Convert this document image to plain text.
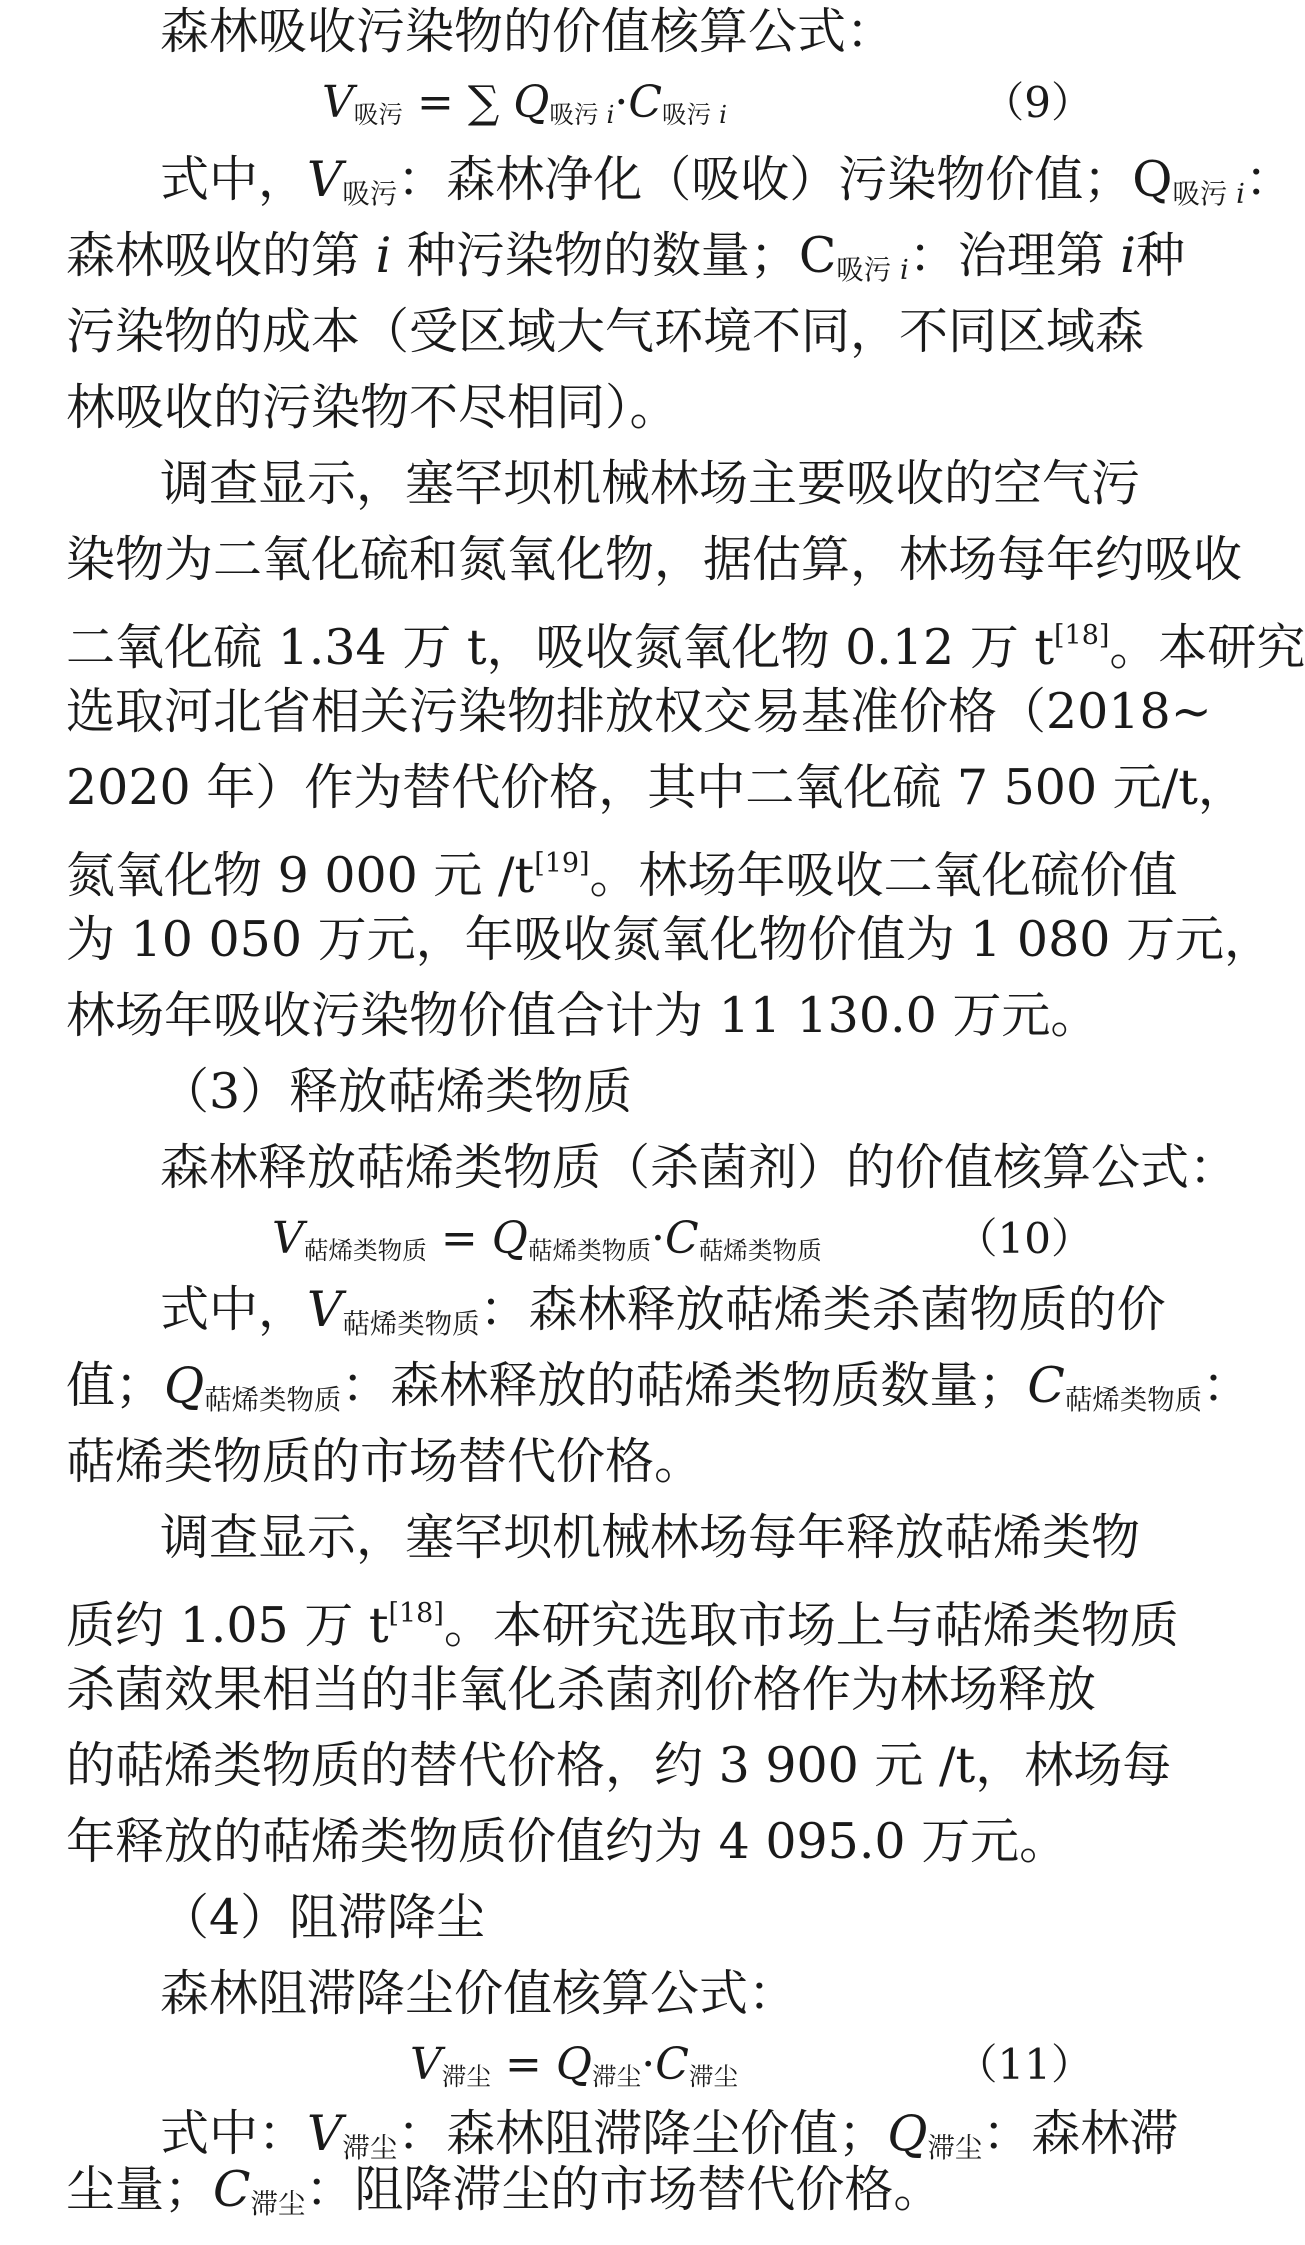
森林吸收污染物的价值核算公式：
V吸污 = ∑ Q吸污 i·C吸污 i	（9）
式中，V吸污：森林净化（吸收）污染物价值；Q吸污 i：
森林吸收的第 i 种污染物的数量；C吸污 i：治理第 i种
污染物的成本（受区域大气环境不同，不同区域森
林吸收的污染物不尽相同）。
调查显示，塞罕坝机械林场主要吸收的空气污
染物为二氧化硫和氮氧化物，据估算，林场每年约吸收
二氧化硫 1.34 万 t，吸收氮氧化物 0.12 万 t[18]。本研究
选取河北省相关污染物排放权交易基准价格（2018~
2020 年）作为替代价格，其中二氧化硫 7 500 元/t，
氮氧化物 9 000 元 /t[19]。林场年吸收二氧化硫价值
为 10 050 万元，年吸收氮氧化物价值为 1 080 万元，
林场年吸收污染物价值合计为 11 130.0 万元。
（3）释放萜烯类物质
森林释放萜烯类物质（杀菌剂）的价值核算公式：
V萜烯类物质 = Q萜烯类物质·C萜烯类物质	（10）
式中，V萜烯类物质：森林释放萜烯类杀菌物质的价
值；Q萜烯类物质：森林释放的萜烯类物质数量；C萜烯类物质：
萜烯类物质的市场替代价格。
调查显示，塞罕坝机械林场每年释放萜烯类物
质约 1.05 万 t[18]。本研究选取市场上与萜烯类物质
杀菌效果相当的非氧化杀菌剂价格作为林场释放
的萜烯类物质的替代价格，约 3 900 元 /t，林场每
年释放的萜烯类物质价值约为 4 095.0 万元。
（4）阻滞降尘
森林阻滞降尘价值核算公式：
V滞尘 = Q滞尘·C滞尘	（11）
式中：V滞尘：森林阻滞降尘价值；Q滞尘：森林滞
尘量；C滞尘：阻降滞尘的市场替代价格。
